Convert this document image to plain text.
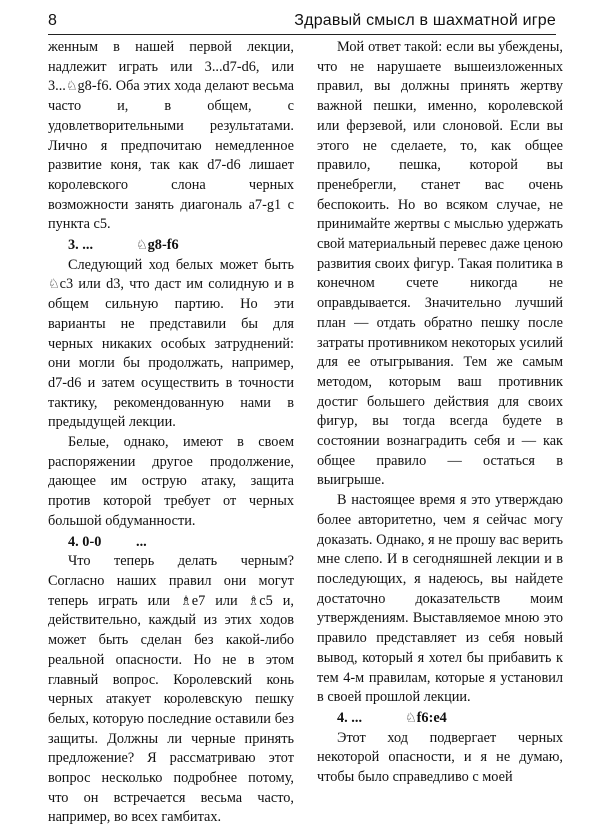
8	Здравый смысл в шахматной игре

женным в нашей первой лекции, надлежит играть или 3...d7-d6, или 3...♘g8-f6. Оба этих хода делают весьма часто и, в общем, с удовлетворительными результатами. Лично я предпочитаю немедленное развитие коня, так как d7-d6 лишает королевского слона черных возможности занять диагональ a7-g1 с пункта с5.

3. ...	♘g8-f6

Следующий ход белых может быть ♘c3 или d3, что даст им солидную и в общем сильную партию. Но эти варианты не представили бы для черных никаких особых затруднений: они могли бы продолжать, например, d7-d6 и затем осуществить в точности тактику, рекомендованную нами в предыдущей лекции.

Белые, однако, имеют в своем распоряжении другое продолжение, дающее им острую атаку, защита против которой требует от черных большой обдуманности.

4. 0-0	...

Что теперь делать черным? Согласно наших правил они могут теперь играть или ♗e7 или ♗c5 и, действительно, каждый из этих ходов может быть сделан без какой-либо реальной опасности. Но не в этом главный вопрос. Королевский конь черных атакует королевскую пешку белых, которую последние оставили без защиты. Должны ли черные принять предложение? Я рассматриваю этот вопрос несколько подробнее потому, что он встречается весьма часто, например, во всех гамбитах.

Мой ответ такой: если вы убеждены, что не нарушаете вышеизложенных правил, вы должны принять жертву важной пешки, именно, королевской или ферзевой, или слоновой. Если вы этого не сделаете, то, как общее правило, пешка, которой вы пренебрегли, станет вас очень беспокоить. Но во всяком случае, не принимайте жертвы с мыслью удержать свой материальный перевес даже ценою развития своих фигур. Такая политика в конечном счете никогда не оправдывается. Значительно лучший план — отдать обратно пешку после затраты противником некоторых усилий для ее отыгрывания. Тем же самым методом, которым ваш противник достиг большего действия для своих фигур, вы тогда всегда будете в состоянии вознаградить себя и — как общее правило — остаться в выигрыше.

В настоящее время я это утверждаю более авторитетно, чем я сейчас могу доказать. Однако, я не прошу вас верить мне слепо. И в сегодняшней лекции и в последующих, я надеюсь, вы найдете достаточно доказательств моим утверждениям. Выставляемое мною это правило представляет из себя новый вывод, который я хотел бы прибавить к тем 4-м правилам, которые я установил в своей прошлой лекции.

4. ...	♘f6:e4

Этот ход подвергает черных некоторой опасности, и я не думаю, чтобы было справедливо с моей
